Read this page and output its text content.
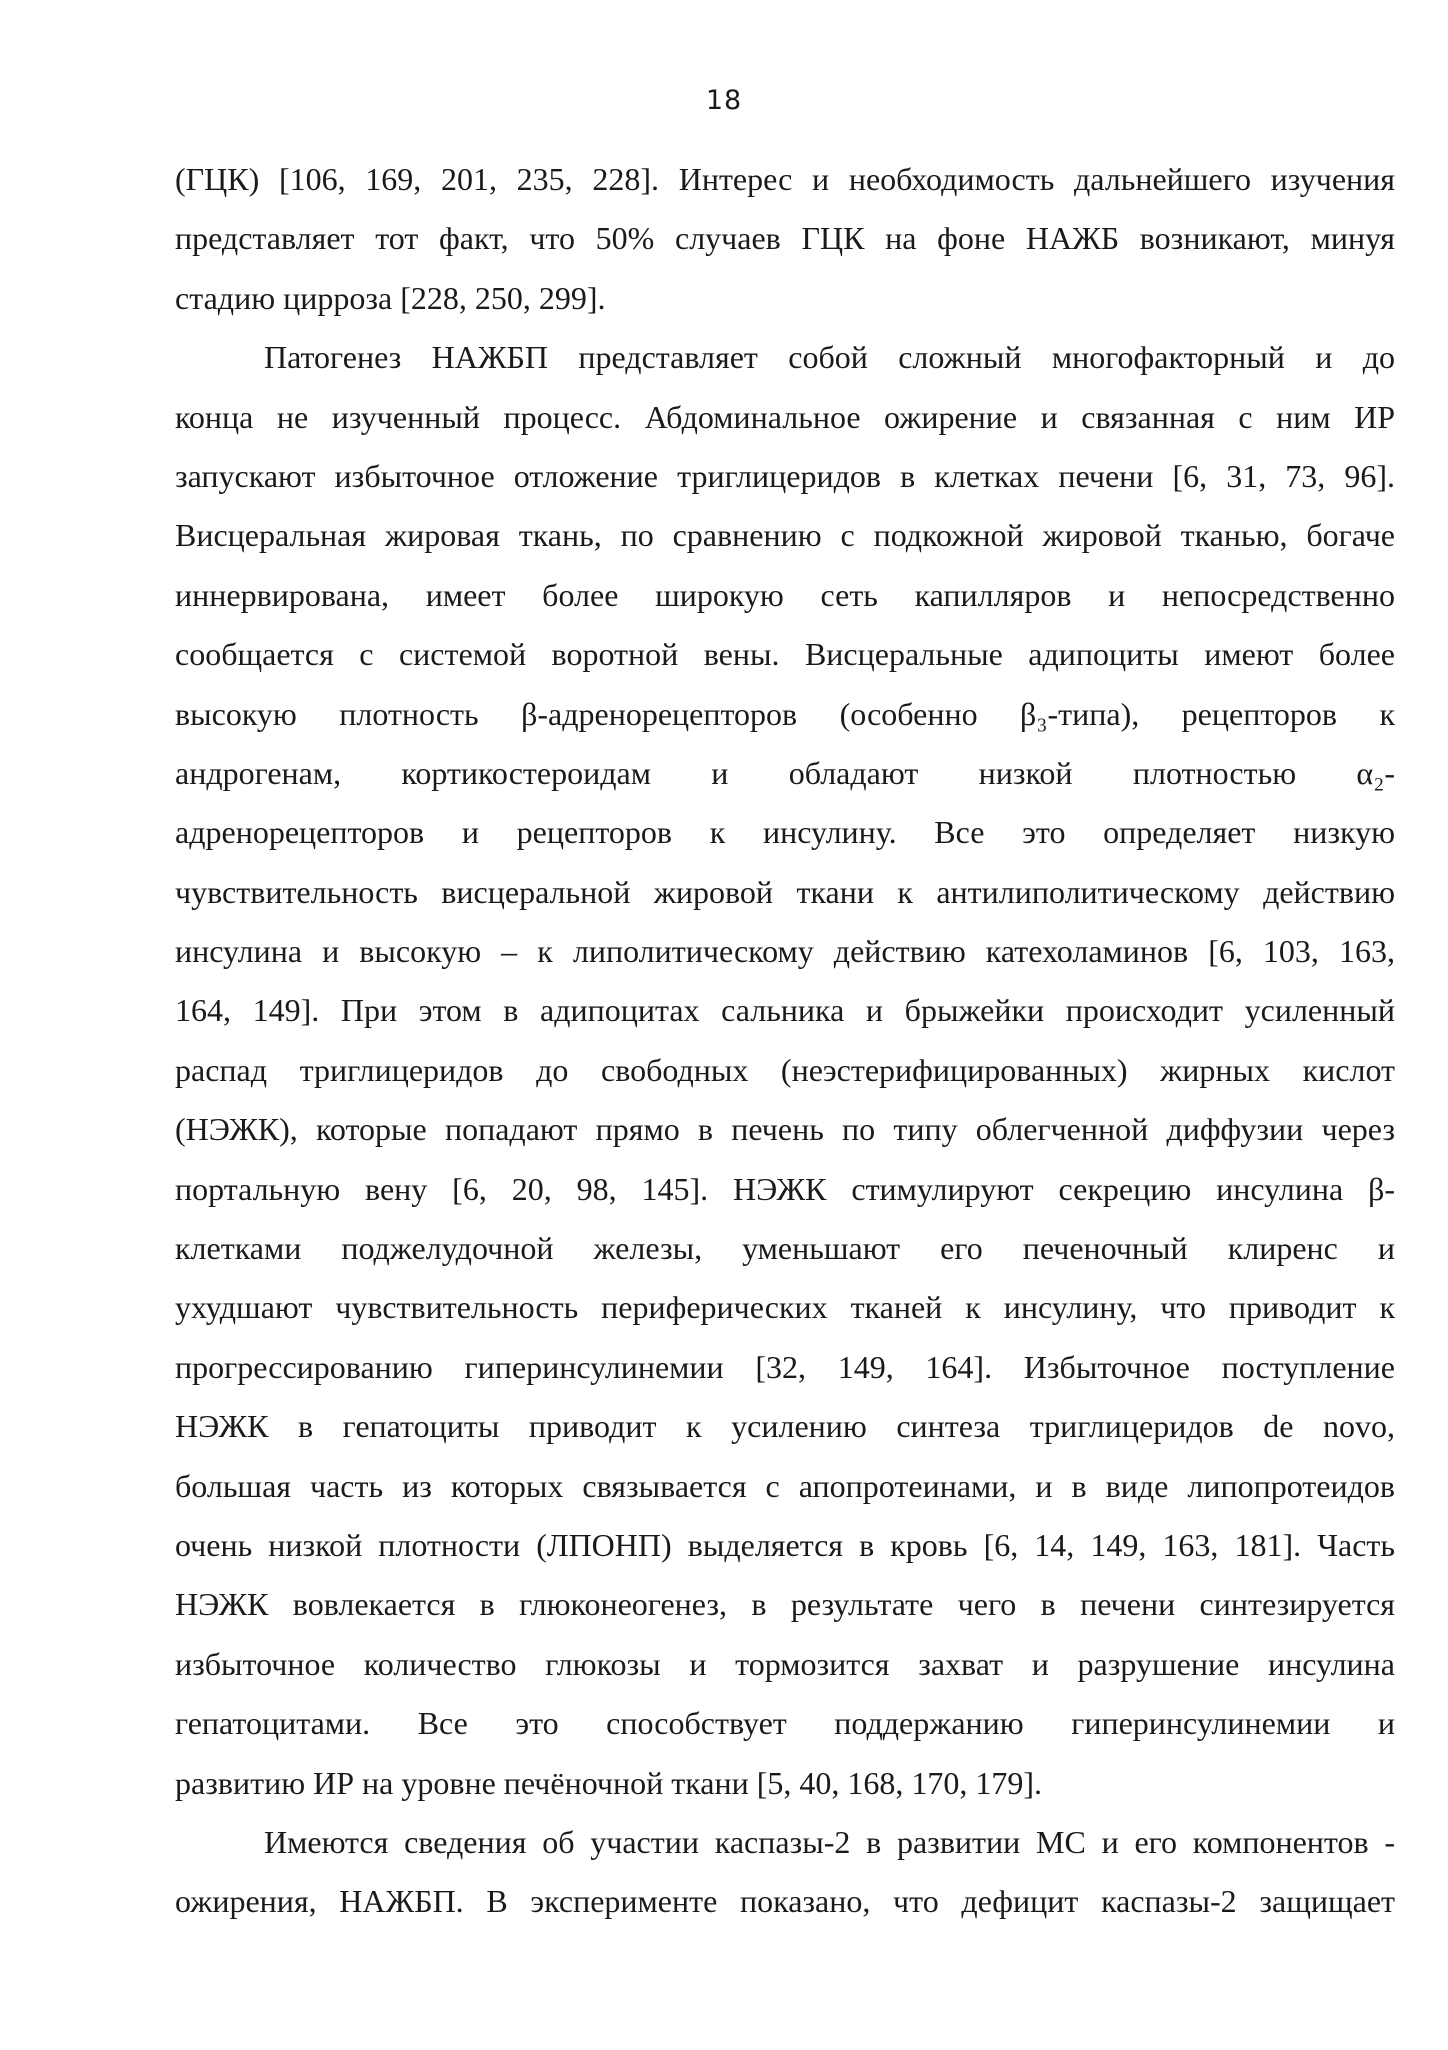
18
(ГЦК) [106, 169, 201, 235, 228]. Интерес и необходимость дальнейшего изучения
представляет тот факт, что 50% случаев ГЦК на фоне НАЖБ возникают, минуя
стадию цирроза [228, 250, 299].
Патогенез НАЖБП представляет собой сложный многофакторный и до
конца не изученный процесс. Абдоминальное ожирение и связанная с ним ИР
запускают избыточное отложение триглицеридов в клетках печени [6, 31, 73, 96].
Висцеральная жировая ткань, по сравнению с подкожной жировой тканью, богаче
иннервирована, имеет более широкую сеть капилляров и непосредственно
сообщается с системой воротной вены. Висцеральные адипоциты имеют более
высокую плотность β-адренорецепторов (особенно β₃-типа), рецепторов к
андрогенам, кортикостероидам и обладают низкой плотностью α₂-
адренорецепторов и рецепторов к инсулину. Все это определяет низкую
чувствительность висцеральной жировой ткани к антилиполитическому действию
инсулина и высокую – к липолитическому действию катехоламинов [6, 103, 163,
164, 149]. При этом в адипоцитах сальника и брыжейки происходит усиленный
распад триглицеридов до свободных (неэстерифицированных) жирных кислот
(НЭЖК), которые попадают прямо в печень по типу облегченной диффузии через
портальную вену [6, 20, 98, 145]. НЭЖК стимулируют секрецию инсулина β-
клетками поджелудочной железы, уменьшают его печеночный клиренс и
ухудшают чувствительность периферических тканей к инсулину, что приводит к
прогрессированию гиперинсулинемии [32, 149, 164]. Избыточное поступление
НЭЖК в гепатоциты приводит к усилению синтеза триглицеридов de novo,
большая часть из которых связывается с апопротеинами, и в виде липопротеидов
очень низкой плотности (ЛПОНП) выделяется в кровь [6, 14, 149, 163, 181]. Часть
НЭЖК вовлекается в глюконеогенез, в результате чего в печени синтезируется
избыточное количество глюкозы и тормозится захват и разрушение инсулина
гепатоцитами. Все это способствует поддержанию гиперинсулинемии и
развитию ИР на уровне печёночной ткани [5, 40, 168, 170, 179].
Имеются сведения об участии каспазы-2 в развитии МС и его компонентов -
ожирения, НАЖБП. В эксперименте показано, что дефицит каспазы-2 защищает
